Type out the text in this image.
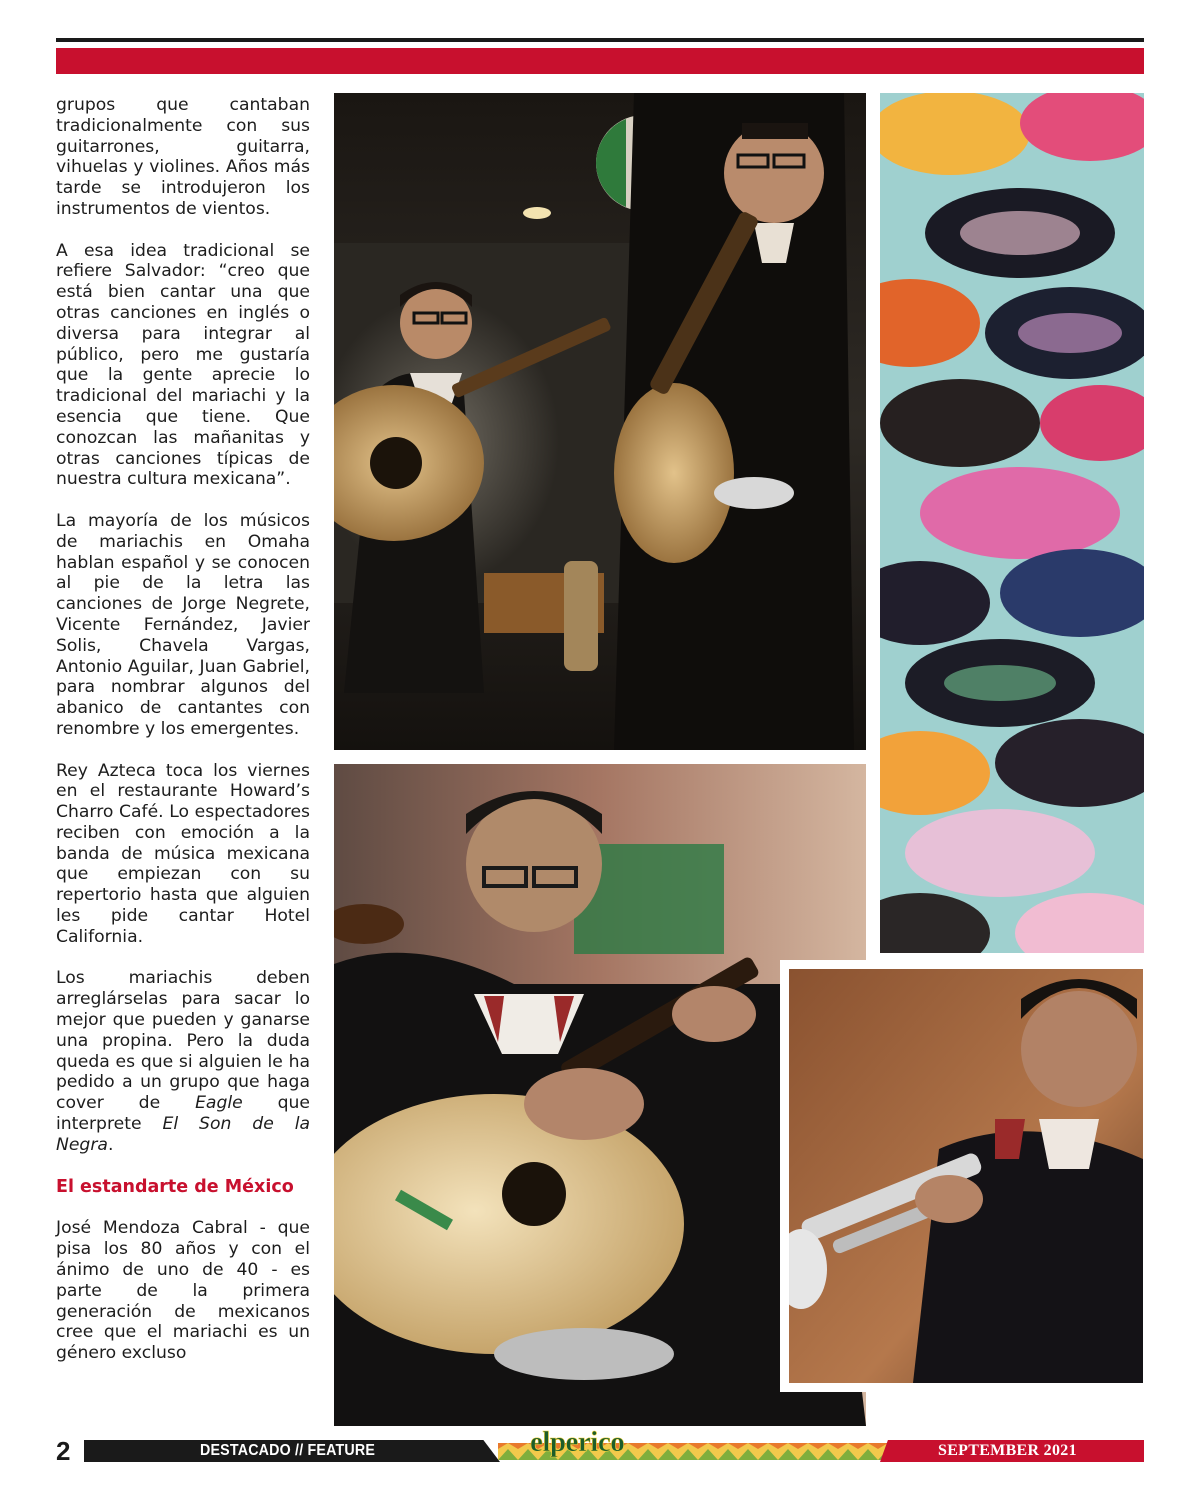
grupos que cantaban tradicionalmente con sus guitarrones, guitarra, vihuelas y violines. Años más tarde se introdujeron los instrumentos de vientos.

A esa idea tradicional se refiere Salvador: “creo que está bien cantar una que otras canciones en inglés o diversa para integrar al público, pero me gustaría que la gente aprecie lo tradicional del mariachi y la esencia que tiene. Que conozcan las mañanitas y otras canciones típicas de nuestra cultura mexicana”.

La mayoría de los músicos de mariachis en Omaha hablan español y se conocen al pie de la letra las canciones de Jorge Negrete, Vicente Fernández, Javier Solis, Chavela Vargas, Antonio Aguilar, Juan Gabriel, para nombrar algunos del abanico de cantantes con renombre y los emergentes.

Rey Azteca toca los viernes en el restaurante Howard’s Charro Café. Lo espectadores reciben con emoción a la banda de música mexicana que empiezan con su repertorio hasta que alguien les pide cantar Hotel California.

Los mariachis deben arreglárselas para sacar lo mejor que pueden y ganarse una propina. Pero la duda queda es que si alguien le ha pedido a un grupo que haga cover de Eagle que interprete El Son de la Negra.

El estandarte de México

José Mendoza Cabral - que pisa los 80 años y con el ánimo de uno de 40 - es parte de la primera generación de mexicanos cree que el mariachi es un género excluso

2	DESTACADO // FEATURE	elperico	SEPTEMBER 2021
